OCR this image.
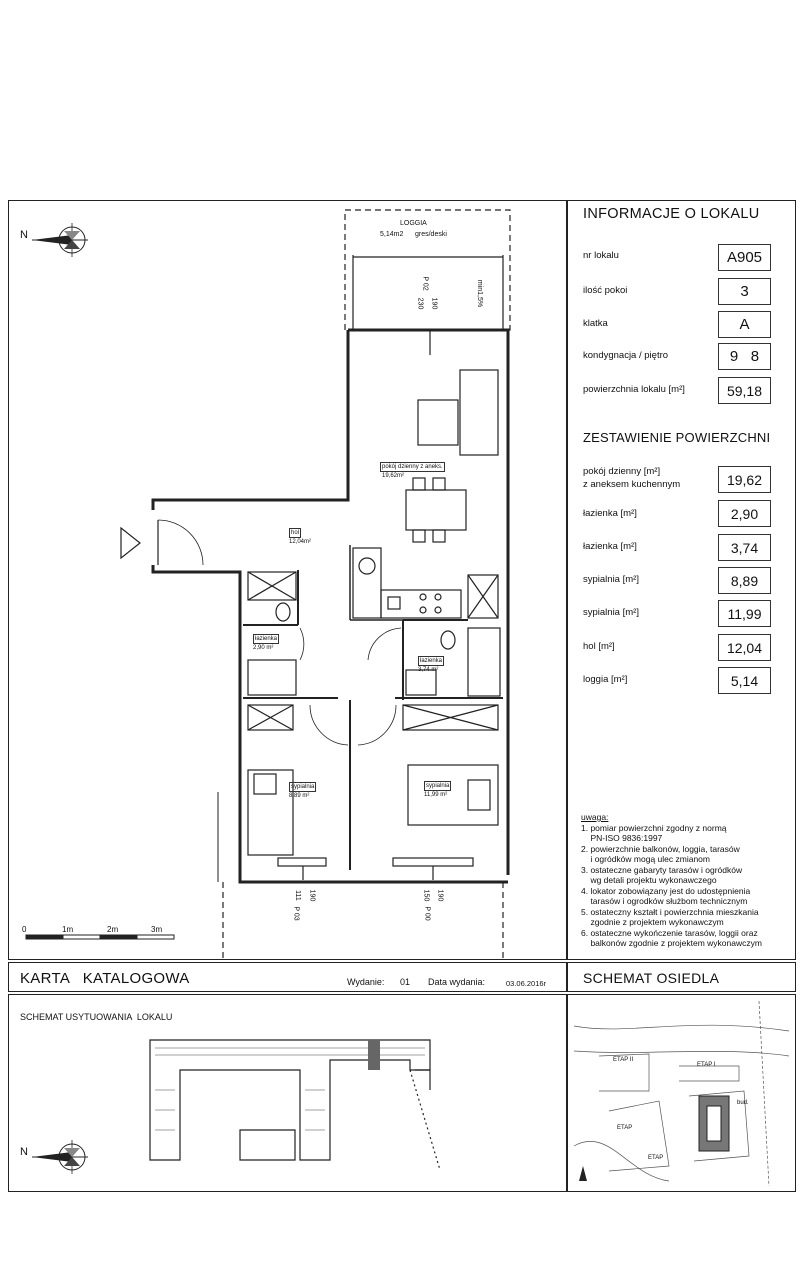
INFORMACJE O LOKALU
nr lokalu	A905
ilość pokoi	3
klatka	A
kondygnacja / piętro	9   8
powierzchnia lokalu [m²]	59,18
ZESTAWIENIE POWIERZCHNI
pokój dzienny [m²]
z aneksem kuchennym	19,62
łazienka [m²]	2,90
łazienka [m²]	3,74
sypialnia [m²]	8,89
sypialnia [m²]	11,99
hol [m²]	12,04
loggia [m²]	5,14
uwaga:
1. pomiar powierzchni zgodny z normą
PN-ISO 9836:1997
2. powierzchnie balkonów, loggia, tarasów
i ogródków mogą ulec zmianom
3. ostateczne gabaryty tarasów i ogródków
wg detali projektu wykonawczego
4. lokator zobowiązany jest do udostępnienia
tarasów i ogrodków służbom technicznym
5. ostateczny kształt i powierzchnia mieszkania
zgodnie z projektem wykonawczym
6. ostateczne wykończenie tarasów, loggii oraz
balkonów zgodnie z projektem wykonawczym
N
LOGGIA
5,14m2 gres/deski
min1,5%
pokój dzienny z aneks.
19,62m²
hol
12,04m²
łazienka
2,90 m²
łazienka
3,74 m²
sypialnia
8,89 m²
sypialnia
11,99 m²
P 02
190
230
P 03
111 190
P 00
150 190
0	1m	2m	3m
KARTA   KATALOGOWA	Wydanie: 01 Data wydania:	03.06.2016r	SCHEMAT OSIEDLA
SCHEMAT USYTUOWANIA  LOKALU
N
ETAP II
ETAP I
ETAP
ETAP
bud.
